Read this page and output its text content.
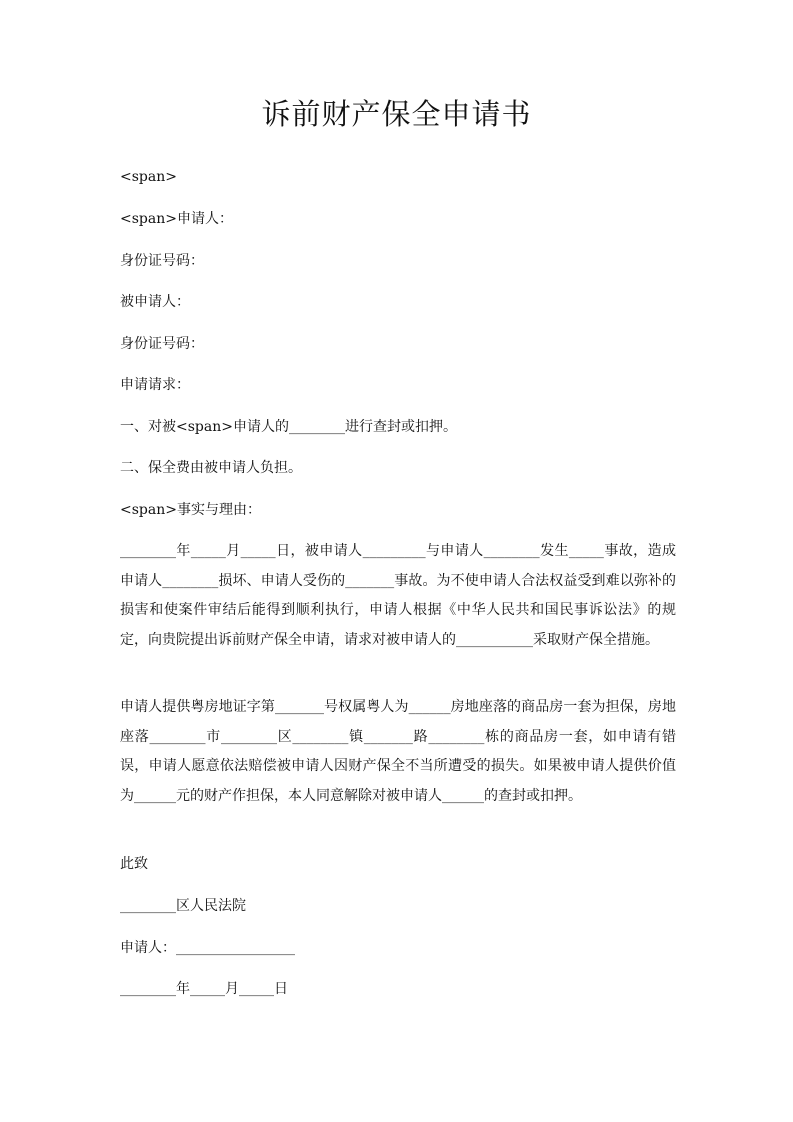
诉前财产保全申请书

<span>

<span>申请人：

身份证号码：

被申请人：

身份证号码：

申请请求：

一、对被<span>申请人的________进行查封或扣押。

二、保全费由被申请人负担。

<span>事实与理由：

________年_____月_____日，被申请人_________与申请人________发生_____事故，造成申请人________损坏、申请人受伤的_______事故。为不使申请人合法权益受到难以弥补的损害和使案件审结后能得到顺利执行，申请人根据《中华人民共和国民事诉讼法》的规定，向贵院提出诉前财产保全申请，请求对被申请人的___________采取财产保全措施。

申请人提供粤房地证字第_______号权属粤人为______房地座落的商品房一套为担保，房地座落________市________区________镇_______路________栋的商品房一套，如申请有错误，申请人愿意依法赔偿被申请人因财产保全不当所遭受的损失。如果被申请人提供价值为______元的财产作担保，本人同意解除对被申请人______的查封或扣押。

此致

________区人民法院

申请人：_________________

________年_____月_____日
